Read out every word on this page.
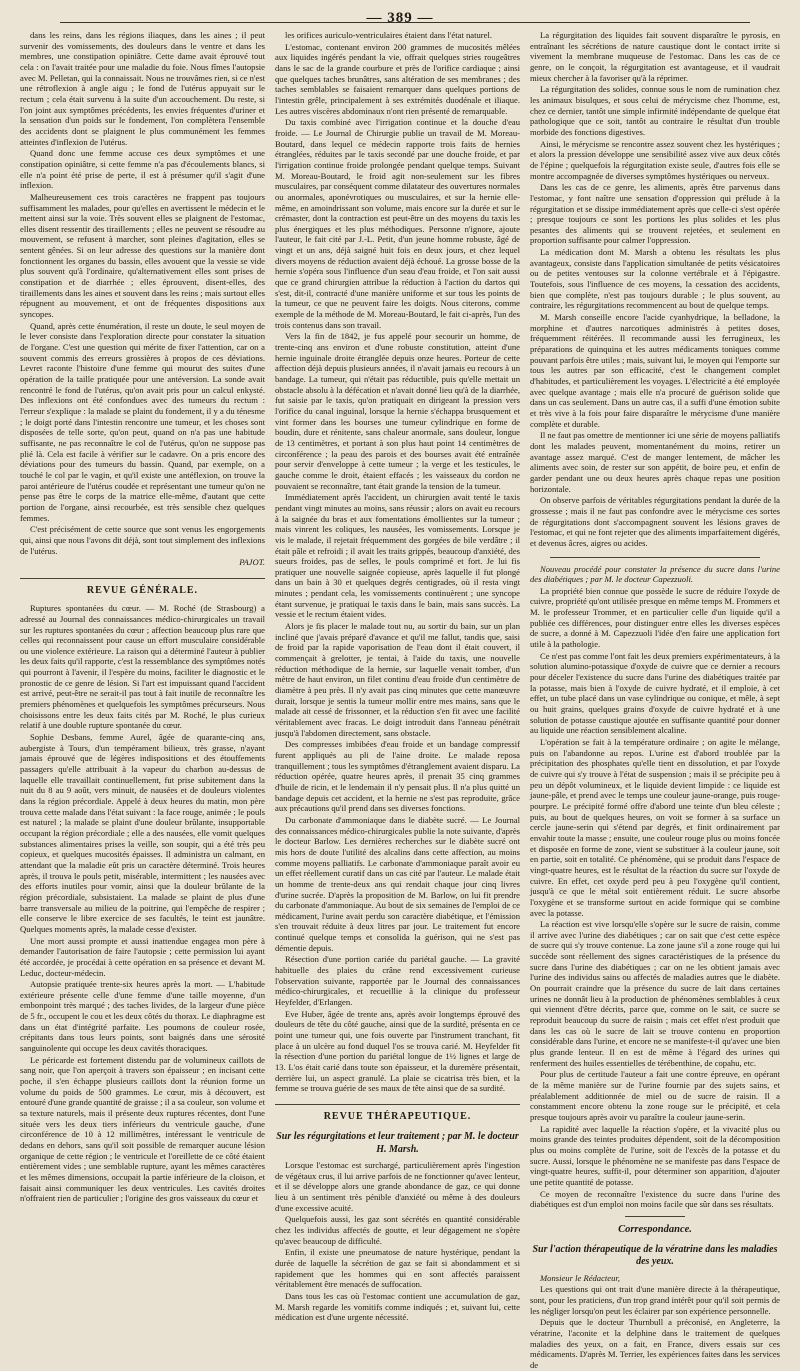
— 389 —

dans les reins, dans les régions iliaques, dans les aines ; il peut survenir des vomissements, des douleurs dans le ventre et dans les membres, une constipation opiniâtre. Cette dame avait éprouvé tout cela : on l'avait traitée pour une maladie du foie. Nous fîmes l'autopsie avec M. Pelletan, qui la connaissait. Nous ne trouvâmes rien, si ce n'est une rétroflexion à angle aigu ; le fond de l'utérus appuyait sur le rectum ; cela était survenu à la suite d'un accouchement. Du reste, si l'on joint aux symptômes précédents, les envies fréquentes d'uriner et la sensation d'un poids sur le fondement, l'on complètera l'ensemble des accidents dont se plaignent le plus communément les femmes atteintes d'inflexion de l'utérus.

Quand donc une femme accuse ces deux symptômes et une constipation opiniâtre, si cette femme n'a pas d'écoulements blancs, si elle n'a point été prise de perte, il est à présumer qu'il s'agit d'une inflexion.

Malheureusement ces trois caractères ne frappent pas toujours suffisamment les malades, pour qu'elles en avertissent le médecin et le mettent ainsi sur la voie. Très souvent elles se plaignent de l'estomac, elles disent ressentir des tiraillements ; elles ne peuvent se résoudre au mouvement, se refusent à marcher, sont pleines d'agitation, elles se sentent gênées. Si on leur adresse des questions sur la manière dont fonctionnent les organes du bassin, elles avouent que la vessie se vide plus souvent qu'à l'ordinaire, qu'alternativement elles sont prises de constipation et de diarrhée ; elles éprouvent, disent-elles, des tiraillements dans les aines et souvent dans les reins ; mais surtout elles répugnent au mouvement, et ont de fréquentes dispositions aux syncopes.

Quand, après cette énumération, il reste un doute, le seul moyen de le lever consiste dans l'exploration directe pour constater la situation de l'organe. C'est une question qui mérite de fixer l'attention, car on a souvent commis des erreurs grossières à propos de ces déviations. Levret raconte l'histoire d'une femme qui mourut des suites d'une opération de la taille pratiquée pour une antéversion. La sonde avait rencontré le fond de l'utérus, qu'on avait pris pour un calcul enkysté. Des inflexions ont été confondues avec des tumeurs du rectum : l'erreur s'explique : la malade se plaint du fondement, il y a du ténesme ; le doigt porté dans l'intestin rencontre une tumeur, et les choses sont disposées de telle sorte, qu'on peut, quand on n'a pas une habitude suffisante, ne pas reconnaître le col de l'utérus, qu'on ne suppose pas plié là. Cela est facile à vérifier sur le cadavre. On a pris encore des déviations pour des tumeurs du bassin. Quand, par exemple, on a touché le col par le vagin, et qu'il existe une antéflexion, on trouve la paroi antérieure de l'utérus coudée et représentant une tumeur qu'on ne pense pas être le corps de la matrice elle-même, d'autant que cette portion de l'organe, ainsi recourbée, est très sensible chez quelques femmes.

C'est précisément de cette source que sont venus les engorgements qui, ainsi que nous l'avons dit déjà, sont tout simplement des inflexions de l'utérus.

PAJOT.

REVUE GÉNÉRALE.

Ruptures spontanées du cœur. — M. Roché (de Strasbourg) a adressé au Journal des connaissances médico-chirurgicales un travail sur les ruptures spontanées du cœur ; affection beaucoup plus rare que celles qui reconnaissent pour cause un effort musculaire considérable ou une violence extérieure. La raison qui a déterminé l'auteur à publier les deux faits qu'il rapporte, c'est la ressemblance des symptômes notés qui pourront à l'avenir, il l'espère du moins, faciliter le diagnostic et le pronostic de ce genre de lésion. Si l'art est impuissant quand l'accident est arrivé, peut-être ne serait-il pas tout à fait inutile de reconnaître les premiers phénomènes et quelquefois les symptômes précurseurs. Nous choisissons entre les deux faits cités par M. Roché, le plus curieux relatif à une double rupture spontanée du cœur.

Sophie Desbans, femme Aurel, âgée de quarante-cinq ans, aubergiste à Tours, d'un tempérament bilieux, très grasse, n'ayant jamais éprouvé que de légères indispositions et des étouffements passagers qu'elle attribuait à la vapeur du charbon au-dessus de laquelle elle travaillait continuellement, fut prise subitement dans la nuit du 8 au 9 août, vers minuit, de nausées et de douleurs violentes dans la région précordiale. Appelé à deux heures du matin, mon père trouva cette malade dans l'état suivant : la face rouge, animée ; le pouls est naturel ; la malade se plaint d'une douleur brûlante, insupportable occupant la région précordiale ; elle a des nausées, elle vomit quelques substances alimentaires prises la veille, son soupir, qui a été très peu copieux, et quelques mucosités épaisses. Il administra un calmant, en attendant que la maladie eût pris un caractère déterminé. Trois heures après, il trouva le pouls petit, misérable, intermittent ; les nausées avec des efforts inutiles pour vomir, ainsi que la douleur brûlante de la région précordiale, subsistaient. La malade se plaint de plus d'une barre transversale au milieu de la poitrine, qui l'empêche de respirer ; elle conserve le libre exercice de ses facultés, le teint est jaunâtre. Quelques moments après, la malade cesse d'exister.

Une mort aussi prompte et aussi inattendue engagea mon père à demander l'autorisation de faire l'autopsie ; cette permission lui ayant été accordée, je procédai à cette opération en sa présence et devant M. Leduc, docteur-médecin.

Autopsie pratiquée trente-six heures après la mort. — L'habitude extérieure présente celle d'une femme d'une taille moyenne, d'un embonpoint très marqué ; des taches livides, de la largeur d'une pièce de 5 fr., occupent le cou et les deux côtés du thorax. Le diaphragme est dans un état d'intégrité parfaite. Les poumons de couleur rosée, crépitants dans tous leurs points, sont baignés dans une sérosité sanguinolente qui occupe les deux cavités thoraciques.

Le péricarde est fortement distendu par de volumineux caillots de sang noir, que l'on aperçoit à travers son épaisseur ; en incisant cette poche, il s'en échappe plusieurs caillots dont la réunion forme un volume du poids de 500 grammes. Le cœur, mis à découvert, est entouré d'une grande quantité de graisse ; il a sa couleur, son volume et sa texture naturels, mais il présente deux ruptures récentes, dont l'une située vers les deux tiers inférieurs du ventricule gauche, d'une circonférence de 10 à 12 millimètres, intéressant le ventricule de dedans en dehors, sans qu'il soit possible de remarquer aucune lésion organique de cette région ; le ventricule et l'oreillette de ce côté étaient entièrement vides ; une semblable rupture, ayant les mêmes caractères et les mêmes dimensions, occupait la partie inférieure de la cloison, et faisait ainsi communiquer les deux ventricules. Les cavités droites n'offraient rien de particulier ; l'origine des gros vaisseaux du cœur et

les orifices auriculo-ventriculaires étaient dans l'état naturel.

L'estomac, contenant environ 200 grammes de mucosités mêlées aux liquides ingérés pendant la vie, offrait quelques stries rougeâtres dans le sac de la grande courbure et près de l'orifice cardiaque ; ainsi que quelques taches brunâtres, sans altération de ses membranes ; des taches semblables se faisaient remarquer dans quelques portions de l'intestin grêle, principalement à ses extrémités duodénale et iliaque. Les autres viscères abdominaux n'ont rien présenté de remarquable.

Du taxis combiné avec l'irrigation continue et la douche d'eau froide. — Le Journal de Chirurgie publie un travail de M. Moreau-Boutard, dans lequel ce médecin rapporte trois faits de hernies étranglées, réduites par le taxis secondé par une douche froide, et par l'irrigation continue froide prolongée pendant quelque temps. Suivant M. Moreau-Boutard, le froid agit non-seulement sur les fibres musculaires, par conséquent comme dilatateur des ouvertures normales ou anormales, aponévrotiques ou musculaires, et sur la hernie elle-même, en amoindrissant son volume, mais encore sur la durée et sur le crémaster, dont la contraction est peut-être un des moyens du taxis les plus énergiques et les plus méthodiques. Personne n'ignore, ajoute l'auteur, le fait cité par J.-L. Petit, d'un jeune homme robuste, âgé de vingt et un ans, déjà saigné huit fois en deux jours, et chez lequel divers moyens de réduction avaient déjà échoué. La grosse bosse de la hernie s'opéra sous l'influence d'un seau d'eau froide, et l'on sait aussi que ce grand chirurgien attribue la réduction à l'action du dartos qui s'est, dit-il, contracté d'une manière uniforme et sur tous les points de la tumeur, ce que ne peuvent faire les doigts. Nous citerons, comme exemple de la méthode de M. Moreau-Boutard, le fait ci-après, l'un des trois contenus dans son travail.

Vers la fin de 1842, je fus appelé pour secourir un homme, de trente-cinq ans environ et d'une robuste constitution, atteint d'une hernie inguinale droite étranglée depuis onze heures. Porteur de cette affection déjà depuis plusieurs années, il n'avait jamais eu recours à un bandage. La tumeur, qui n'était pas réductible, puis qu'elle mettait un obstacle absolu à la défécation et n'avait donné lieu qu'à de la diarrhée, fut saisie par le taxis, qu'on pratiquait en dirigeant la pression vers l'orifice du canal inguinal, lorsque la hernie s'échappa brusquement et vint former dans les bourses une tumeur cylindrique en forme de boudin, dure et rénitente, sans chaleur anormale, sans douleur, longue de 13 centimètres, et portant à son plus haut point 14 centimètres de circonférence ; la peau des parois et des bourses avait été entraînée pour servir d'enveloppe à cette tumeur ; la verge et les testicules, le gauche comme le droit, étaient effacés ; les vaisseaux du cordon ne pouvaient se reconnaître, tant était grande la tension de la tumeur.

Immédiatement après l'accident, un chirurgien avait tenté le taxis pendant vingt minutes au moins, sans réussir ; alors on avait eu recours à la saignée du bras et aux fomentations émollientes sur la tumeur ; mais vinrent les coliques, les nausées, les vomissements. Lorsque je vis le malade, il rejetait fréquemment des gorgées de bile verdâtre ; il était pâle et refroidi ; il avait les traits grippés, beaucoup d'anxiété, des sueurs froides, pas de selles, le pouls comprimé et fort. Je lui fis pratiquer une nouvelle saignée copieuse, après laquelle il fut plongé dans un bain à 30 et quelques degrés centigrades, où il resta vingt minutes ; pendant cela, les vomissements continuèrent ; une syncope étant survenue, je pratiquai le taxis dans le bain, mais sans succès. La vessie et le rectum étaient vides.

Alors je fis placer le malade tout nu, au sortir du bain, sur un plan incliné que j'avais préparé d'avance et qu'il me fallut, tandis que, saisi de froid par la rapide vaporisation de l'eau dont il était couvert, il commençait à grelotter, je tentai, à l'aide du taxis, une nouvelle réduction méthodique de la hernie, sur laquelle venait tomber, d'un mètre de haut environ, un filet continu d'eau froide d'un centimètre de diamètre à peu près. Il n'y avait pas cinq minutes que cette manœuvre durait, lorsque je sentis la tumeur mollir entre mes mains, sans que le malade ait cessé de frissonner, et la réduction s'en fit avec une facilité véritablement avec fracas. Le doigt introduit dans l'anneau pénétrait jusqu'à l'abdomen directement, sans obstacle.

Des compresses imbibées d'eau froide et un bandage compressif furent appliqués au pli de l'aine droite. Le malade reposa tranquillement ; tous les symptômes d'étranglement avaient disparu. La réduction opérée, quatre heures après, il prenait 35 cinq grammes d'huile de ricin, et le lendemain il n'y pensait plus. Il n'a plus quitté un bandage depuis cet accident, et la hernie ne s'est pas reproduite, grâce aux précautions qu'il prend dans ses diverses fonctions.

Du carbonate d'ammoniaque dans le diabète sucré. — Le Journal des connaissances médico-chirurgicales publie la note suivante, d'après le docteur Barlow. Les dernières recherches sur le diabète sucré ont mis hors de doute l'utilité des alcalins dans cette affection, au moins comme moyens palliatifs. Le carbonate d'ammoniaque paraît avoir eu un effet réellement curatif dans un cas cité par l'auteur. Le malade était un homme de trente-deux ans qui rendait chaque jour cinq livres d'urine sucrée. D'après la proposition de M. Barlow, on lui fit prendre du carbonate d'ammoniaque. Au bout de six semaines de l'emploi de ce médicament, l'urine avait perdu son caractère diabétique, et l'émission s'en trouvait réduite à deux litres par jour. Le traitement fut encore continué quelque temps et consolida la guérison, qui ne s'est pas démentie depuis.

Résection d'une portion cariée du pariétal gauche. — La gravité habituelle des plaies du crâne rend excessivement curieuse l'observation suivante, rapportée par le Journal des connaissances médico-chirurgicales, et recueillie à la clinique du professeur Heyfelder, d'Erlangen.

Eve Huber, âgée de trente ans, après avoir longtemps éprouvé des douleurs de tête du côté gauche, ainsi que de la surdité, présenta en ce point une tumeur qui, une fois ouverte par l'instrument tranchant, fit place à un ulcère au fond duquel l'os se trouva carié. M. Heyfelder fit la résection d'une portion du pariétal longue de 1½ lignes et large de 13. L'os était carié dans toute son épaisseur, et la duremère présentait, derrière lui, un aspect granulé. La plaie se cicatrisa très bien, et la femme se trouva guérie de ses maux de tête ainsi que de sa surdité.

REVUE THÉRAPEUTIQUE.
Sur les régurgitations et leur traitement ; par M. le docteur H. Marsh.

Lorsque l'estomac est surchargé, particulièrement après l'ingestion de végétaux crus, il lui arrive parfois de ne fonctionner qu'avec lenteur, et il se développe alors une grande abondance de gaz, ce qui donne lieu à un sentiment très pénible d'anxiété ou même à des douleurs d'une excessive acuité.

Quelquefois aussi, les gaz sont sécrétés en quantité considérable chez les individus affectés de goutte, et leur dégagement ne s'opère qu'avec beaucoup de difficulté.

Enfin, il existe une pneumatose de nature hystérique, pendant la durée de laquelle la sécrétion de gaz se fait si abondamment et si rapidement que les hommes qui en sont affectés paraissent véritablement être menacés de suffocation.

Dans tous les cas où l'estomac contient une accumulation de gaz, M. Marsh regarde les vomitifs comme indiqués ; et, suivant lui, cette médication est d'une urgente nécessité.

La régurgitation des liquides fait souvent disparaître le pyrosis, en entraînant les sécrétions de nature caustique dont le contact irrite si vivement la membrane muqueuse de l'estomac. Dans les cas de ce genre, on le conçoit, la régurgitation est avantageuse, et il vaudrait mieux chercher à la favoriser qu'à la réprimer.

La régurgitation des solides, connue sous le nom de rumination chez les animaux bisulques, et sous celui de mérycisme chez l'homme, est, chez ce dernier, tantôt une simple infirmité indépendante de quelque état pathologique que ce soit, tantôt au contraire le résultat d'un trouble morbide des fonctions digestives.

Ainsi, le mérycisme se rencontre assez souvent chez les hystériques ; et alors la pression développe une sensibilité assez vive aux deux côtés de l'épine ; quelquefois la régurgitation existe seule, d'autres fois elle se montre accompagnée de diverses symptômes hystériques ou nerveux.

Dans les cas de ce genre, les aliments, après être parvenus dans l'estomac, y font naître une sensation d'oppression qui prélude à la régurgitation et se dissipe immédiatement après que celle-ci s'est opérée ; presque toujours ce sont les portions les plus solides et les plus pesantes des aliments qui se trouvent rejetées, et seulement en proportion suffisante pour calmer l'oppression.

La médication dont M. Marsh a obtenu les résultats les plus avantageux, consiste dans l'application simultanée de petits vésicatoires ou de petites ventouses sur la colonne vertébrale et à l'épigastre. Toutefois, sous l'influence de ces moyens, la cessation des accidents, bien que complète, n'est pas toujours durable ; le plus souvent, au contraire, les régurgitations recommencent au bout de quelque temps.

M. Marsh conseille encore l'acide cyanhydrique, la belladone, la morphine et d'autres narcotiques administrés à petites doses, fréquemment réitérées. Il recommande aussi les ferrugineux, les préparations de quinquina et les autres médicaments toniques comme pouvant parfois être utiles ; mais, suivant lui, le moyen qui l'emporte sur tous les autres par son efficacité, c'est le changement complet d'habitudes, et particulièrement les voyages. L'électricité a été employée avec quelque avantage ; mais elle n'a procuré de guérison solide que dans un cas seulement. Dans un autre cas, il a suffi d'une émotion subite et très vive à la fois pour faire disparaître le mérycisme d'une manière complète et durable.

Il ne faut pas omettre de mentionner ici une série de moyens palliatifs dont les malades peuvent, momentanément du moins, retirer un avantage assez marqué. C'est de manger lentement, de mâcher les aliments avec soin, de rester sur son appétit, de boire peu, et enfin de garder pendant une ou deux heures après chaque repas une position horizontale.

On observe parfois de véritables régurgitations pendant la durée de la grossesse ; mais il ne faut pas confondre avec le mérycisme ces sortes de régurgitations dont s'accompagnent souvent les lésions graves de l'estomac, et qui ne font rejeter que des aliments imparfaitement digérés, et devenus âcres, aigres ou acides.

Nouveau procédé pour constater la présence du sucre dans l'urine des diabétiques ; par M. le docteur Capezzuoli.

La propriété bien connue que possède le sucre de réduire l'oxyde de cuivre, propriété qu'ont utilisée presque en même temps M. Frommers et M. le professeur Trommer, et en particulier celle d'un liquide qu'il a publiée ces différences, pour distinguer entre elles les diverses espèces de sucre, a donné à M. Capezzuoli l'idée d'en faire une application fort utile à la pathologie.

Ce n'est pas comme l'ont fait les deux premiers expérimentateurs, à la solution alumino-potassique d'oxyde de cuivre que ce dernier a recours pour déceler l'existence du sucre dans l'urine des diabétiques traitée par la potasse, mais bien à l'oxyde de cuivre hydraté, et il emploie, à cet effet, un tube placé dans un vase cylindrique ou conique, et mêle, à sept ou huit grains, quelques grains d'oxyde de cuivre hydraté et à une solution de potasse caustique ajoutée en suffisante quantité pour donner au liquide une réaction sensiblement alcaline.

L'opération se fait à la température ordinaire ; on agite le mélange, puis on l'abandonne au repos. L'urine est d'abord troublée par la précipitation des phosphates qu'elle tient en dissolution, et par l'oxyde de cuivre qui s'y trouve à l'état de suspension ; mais il se précipite peu à peu un dépôt volumineux, et le liquide devient limpide : ce liquide est jaune-pâle, et prend avec le temps une couleur jaune-orange, puis rouge-pourpre. Le précipité formé offre d'abord une teinte d'un bleu céleste ; puis, au bout de quelques heures, on voit se former à sa surface un cercle jaune-serin qui s'étend par degrés, et finit ordinairement par envahir toute la masse ; ensuite, une couleur rouge plus ou moins foncée et disposée en forme de zone, vient se substituer à la couleur jaune, soit en partie, soit en totalité. Ce phénomène, qui se produit dans l'espace de vingt-quatre heures, est le résultat de la réaction du sucre sur l'oxyde de cuivre. En effet, cet oxyde perd peu à peu l'oxygène qu'il contient, jusqu'à ce que le métal soit entièrement réduit. Le sucre absorbe l'oxygène et se transforme surtout en acide formique qui se combine avec la potasse.

La réaction est vive lorsqu'elle s'opère sur le sucre de raisin, comme il arrive avec l'urine des diabétiques ; car on sait que c'est cette espèce de sucre qui s'y trouve contenue. La zone jaune s'il a zone rouge qui lui succède sont réellement des signes caractéristiques de la présence du sucre dans l'urine des diabétiques ; car on ne les obtient jamais avec l'urine des individus sains ou affectés de maladies autres que le diabète. On pourrait craindre que la présence du sucre de lait dans certaines urines ne donnât lieu à la production de phénomènes semblables à ceux qui viennent d'être décrits, parce que, comme on le sait, ce sucre se reproduit beaucoup du sucre de raisin ; mais cet effet n'est produit que dans les cas où le sucre de lait se trouve contenu en proportion considérable dans l'urine, et encore ne se manifeste-t-il qu'avec une bien plus grande lenteur. Il en est de même à l'égard des urines qui renferment des huiles essentielles de térébenthine, de copahu, etc.

Pour plus de certitude l'auteur a fait une contre épreuve, en opérant de la même manière sur de l'urine fournie par des sujets sains, et préalablement additionnée de miel ou de sucre de raisin. Il a constamment encore obtenu la zone rouge sur le précipité, et cela presque toujours après avoir vu paraître la couleur jaune-serin.

La rapidité avec laquelle la réaction s'opère, et la vivacité plus ou moins grande des teintes produites dépendent, soit de la décomposition plus ou moins complète de l'urine, soit de l'excès de la potasse et du sucre. Aussi, lorsque le phénomène ne se manifeste pas dans l'espace de vingt-quatre heures, suffit-il, pour déterminer son apparition, d'ajouter une petite quantité de potasse.

Ce moyen de reconnaître l'existence du sucre dans l'urine des diabétiques est d'un emploi non moins facile que sûr dans ses résultats.

Correspondance.
Sur l'action thérapeutique de la vératrine dans les maladies des yeux.

Monsieur le Rédacteur,

Les questions qui ont trait d'une manière directe à la thérapeutique, sont, pour les praticiens, d'un trop grand intérêt pour qu'il soit permis de les négliger lorsqu'on peut les éclairer par son expérience personnelle.

Depuis que le docteur Thurnbull a préconisé, en Angleterre, la vératrine, l'aconite et la delphine dans le traitement de quelques maladies des yeux, on a fait, en France, divers essais sur ces médicaments. D'après M. Terrier, les expériences faites dans les services de
